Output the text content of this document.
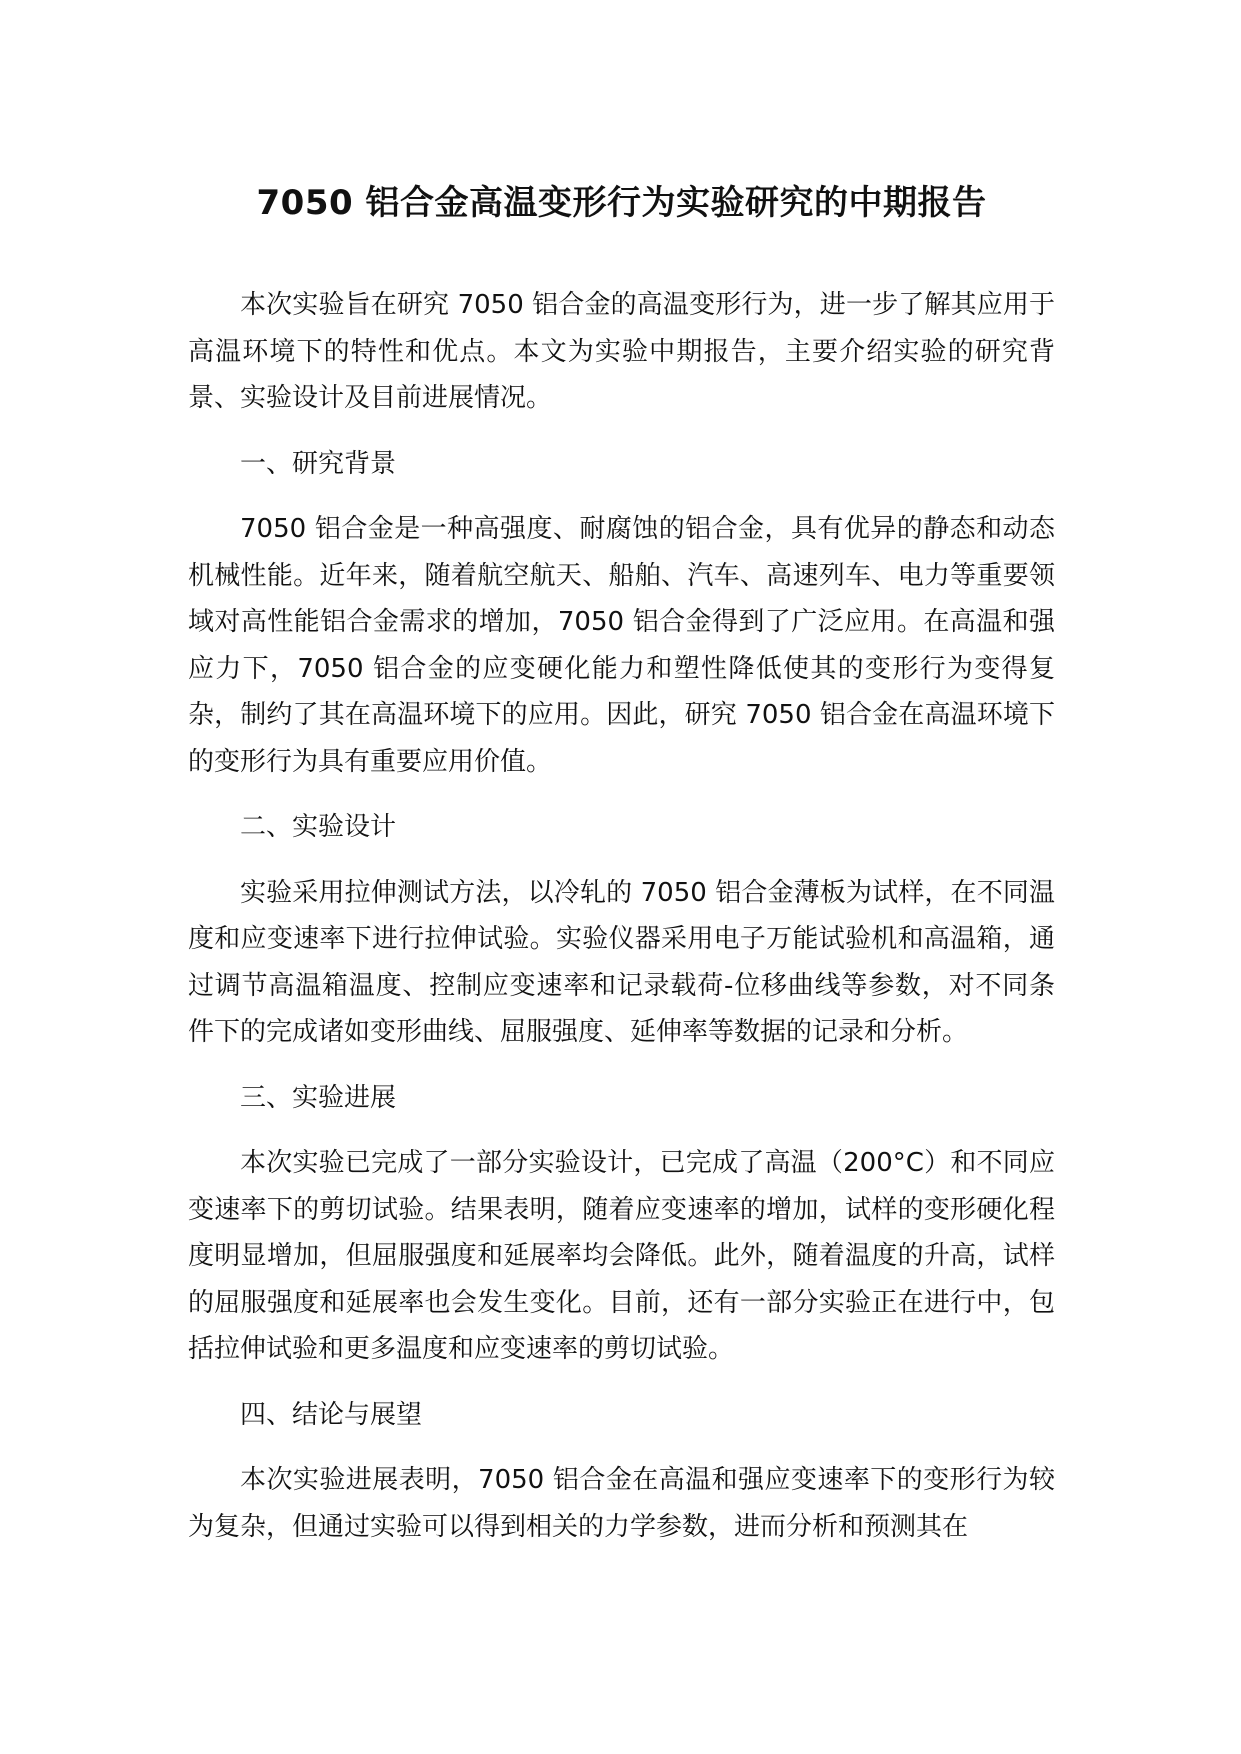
7050 铝合金高温变形行为实验研究的中期报告

本次实验旨在研究 7050 铝合金的高温变形行为，进一步了解其应用于高温环境下的特性和优点。本文为实验中期报告，主要介绍实验的研究背景、实验设计及目前进展情况。

一、研究背景

7050 铝合金是一种高强度、耐腐蚀的铝合金，具有优异的静态和动态机械性能。近年来，随着航空航天、船舶、汽车、高速列车、电力等重要领域对高性能铝合金需求的增加，7050 铝合金得到了广泛应用。在高温和强应力下，7050 铝合金的应变硬化能力和塑性降低使其的变形行为变得复杂，制约了其在高温环境下的应用。因此，研究 7050 铝合金在高温环境下的变形行为具有重要应用价值。

二、实验设计

实验采用拉伸测试方法，以冷轧的 7050 铝合金薄板为试样，在不同温度和应变速率下进行拉伸试验。实验仪器采用电子万能试验机和高温箱，通过调节高温箱温度、控制应变速率和记录载荷-位移曲线等参数，对不同条件下的完成诸如变形曲线、屈服强度、延伸率等数据的记录和分析。

三、实验进展

本次实验已完成了一部分实验设计，已完成了高温（200°C）和不同应变速率下的剪切试验。结果表明，随着应变速率的增加，试样的变形硬化程度明显增加，但屈服强度和延展率均会降低。此外，随着温度的升高，试样的屈服强度和延展率也会发生变化。目前，还有一部分实验正在进行中，包括拉伸试验和更多温度和应变速率的剪切试验。

四、结论与展望

本次实验进展表明，7050 铝合金在高温和强应变速率下的变形行为较为复杂，但通过实验可以得到相关的力学参数，进而分析和预测其在
